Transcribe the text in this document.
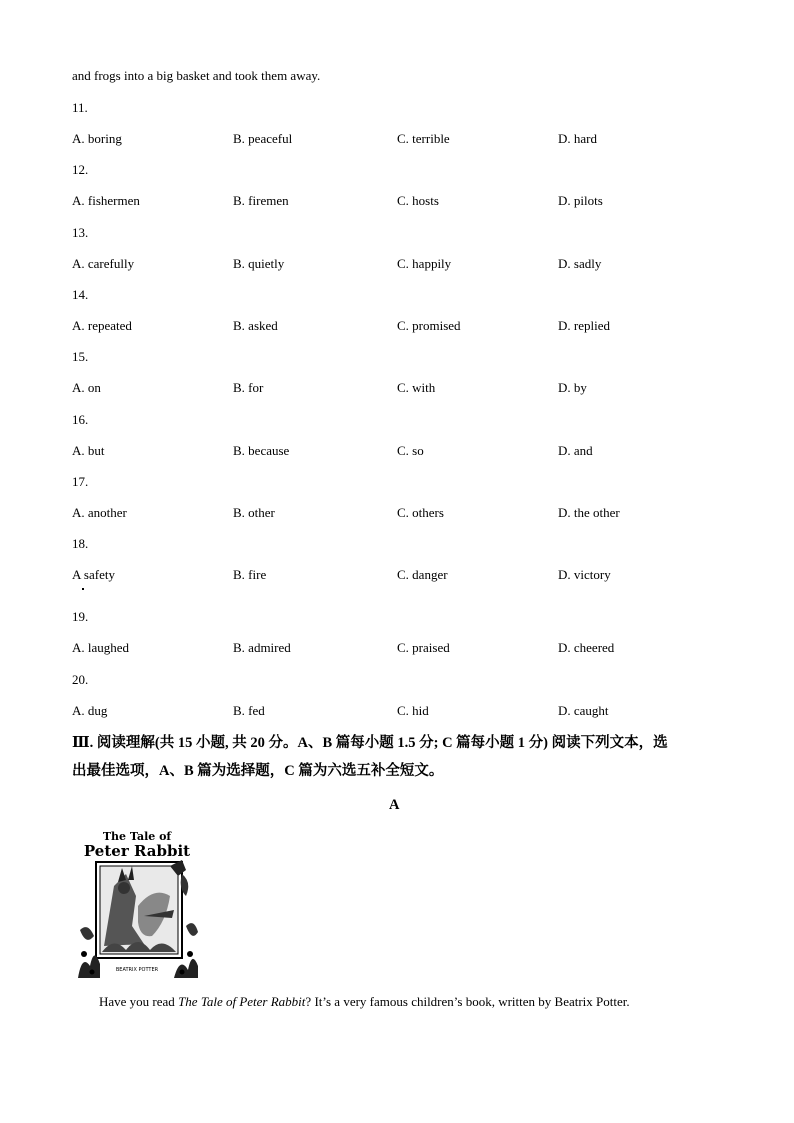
and frogs into a big basket and took them away.
11.
A. boring	B. peaceful	C. terrible	D. hard
12.
A. fishermen	B. firemen	C. hosts	D. pilots
13.
A. carefully	B. quietly	C. happily	D. sadly
14.
A. repeated	B. asked	C. promised	D. replied
15.
A. on	B. for	C. with	D. by
16.
A. but	B. because	C. so	D. and
17.
A. another	B. other	C. others	D. the other
18.
A safety	B. fire	C. danger	D. victory
19.
A. laughed	B. admired	C. praised	D. cheered
20.
A. dug	B. fed	C. hid	D. caught
Ⅲ. 阅读理解(共 15 小题, 共 20 分。A、B 篇每小题 1.5 分; C 篇每小题 1 分) 阅读下列文本，选
出最佳选项，A、B 篇为选择题，C 篇为六选五补全短文。
A
The Tale of
Peter Rabbit
BEATRIX POTTER
Have you read The Tale of Peter Rabbit? It’s a very famous children’s book, written by Beatrix Potter.
